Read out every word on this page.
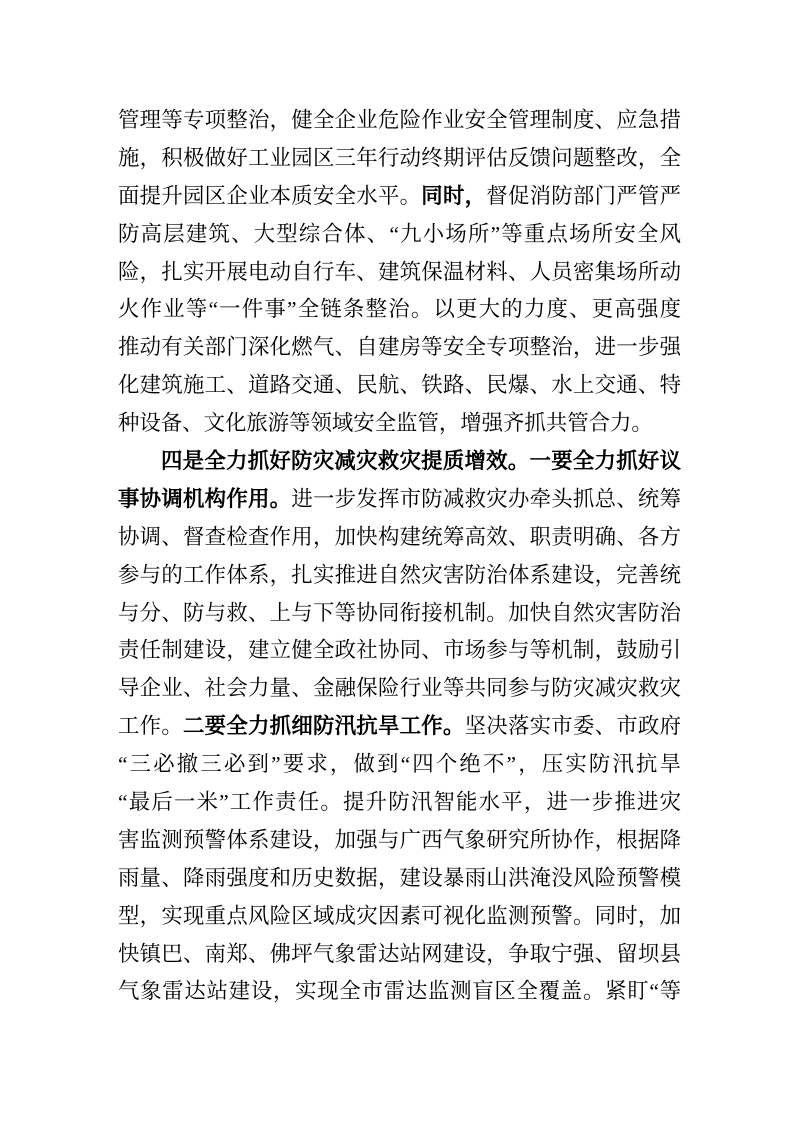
管理等专项整治，健全企业危险作业安全管理制度、应急措
施，积极做好工业园区三年行动终期评估反馈问题整改，全
面提升园区企业本质安全水平。同时，督促消防部门严管严
防高层建筑、大型综合体、“九小场所”等重点场所安全风
险，扎实开展电动自行车、建筑保温材料、人员密集场所动
火作业等“一件事”全链条整治。以更大的力度、更高强度
推动有关部门深化燃气、自建房等安全专项整治，进一步强
化建筑施工、道路交通、民航、铁路、民爆、水上交通、特
种设备、文化旅游等领域安全监管，增强齐抓共管合力。
四是全力抓好防灾减灾救灾提质增效。一要全力抓好议
事协调机构作用。进一步发挥市防减救灾办牵头抓总、统筹
协调、督查检查作用，加快构建统筹高效、职责明确、各方
参与的工作体系，扎实推进自然灾害防治体系建设，完善统
与分、防与救、上与下等协同衔接机制。加快自然灾害防治
责任制建设，建立健全政社协同、市场参与等机制，鼓励引
导企业、社会力量、金融保险行业等共同参与防灾减灾救灾
工作。二要全力抓细防汛抗旱工作。坚决落实市委、市政府
“三必撤三必到”要求，做到“四个绝不”，压实防汛抗旱
“最后一米”工作责任。提升防汛智能水平，进一步推进灾
害监测预警体系建设，加强与广西气象研究所协作，根据降
雨量、降雨强度和历史数据，建设暴雨山洪淹没风险预警模
型，实现重点风险区域成灾因素可视化监测预警。同时，加
快镇巴、南郑、佛坪气象雷达站网建设，争取宁强、留坝县
气象雷达站建设，实现全市雷达监测盲区全覆盖。紧盯“等
